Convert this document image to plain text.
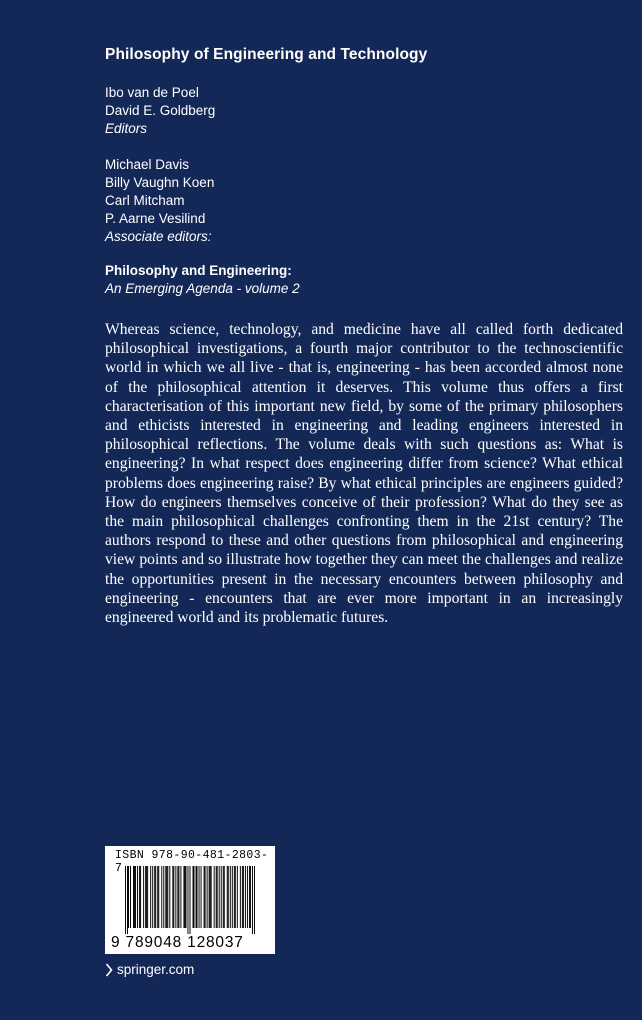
Philosophy of Engineering and Technology
Ibo van de Poel
David E. Goldberg
Editors
Michael Davis
Billy Vaughn Koen
Carl Mitcham
P. Aarne Vesilind
Associate editors:
Philosophy and Engineering:
An Emerging Agenda - volume 2

Whereas science, technology, and medicine have all called forth dedicated philosophical investigations, a fourth major contributor to the technoscientific world in which we all live - that is, engineering - has been accorded almost none of the philosophical attention it deserves. This volume thus offers a first characterisation of this important new field, by some of the primary philosophers and ethicists interested in engineering and leading engineers interested in philosophical reflections. The volume deals with such questions as: What is engineering? In what respect does engineering differ from science? What ethical problems does engineering raise? By what ethical principles are engineers guided? How do engineers themselves conceive of their profession? What do they see as the main philosophical challenges confronting them in the 21st century? The authors respond to these and other questions from philosophical and engineering view points and so illustrate how together they can meet the challenges and realize the opportunities present in the necessary encounters between philosophy and engineering - encounters that are ever more important in an increasingly engineered world and its problematic futures.

ISBN 978-90-481-2803-7
9 789048 128037
springer.com
